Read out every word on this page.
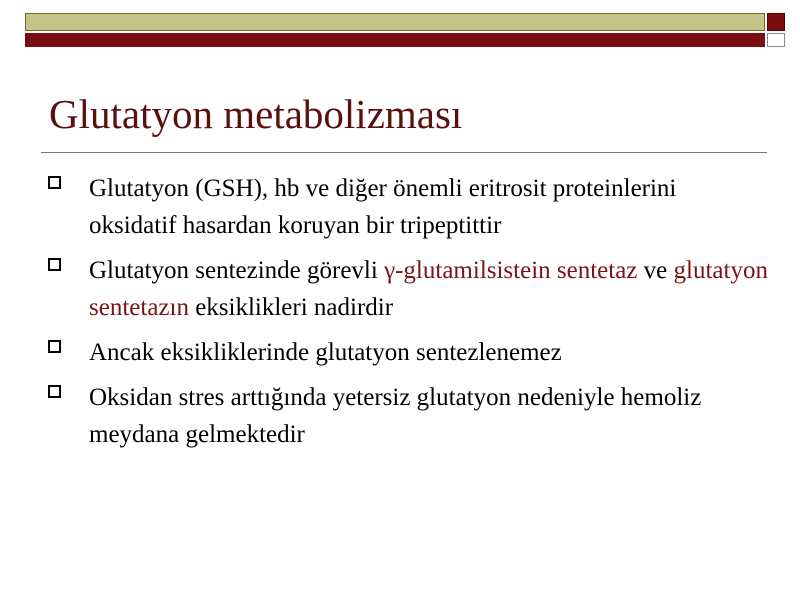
Glutatyon metabolizması
Glutatyon (GSH), hb ve diğer önemli eritrosit proteinlerini oksidatif hasardan koruyan bir tripeptittir
Glutatyon sentezinde görevli γ-glutamilsistein sentetaz ve glutatyon sentetazın eksiklikleri nadirdir
Ancak eksikliklerinde glutatyon sentezlenemez
Oksidan stres arttığında yetersiz glutatyon nedeniyle hemoliz meydana gelmektedir
